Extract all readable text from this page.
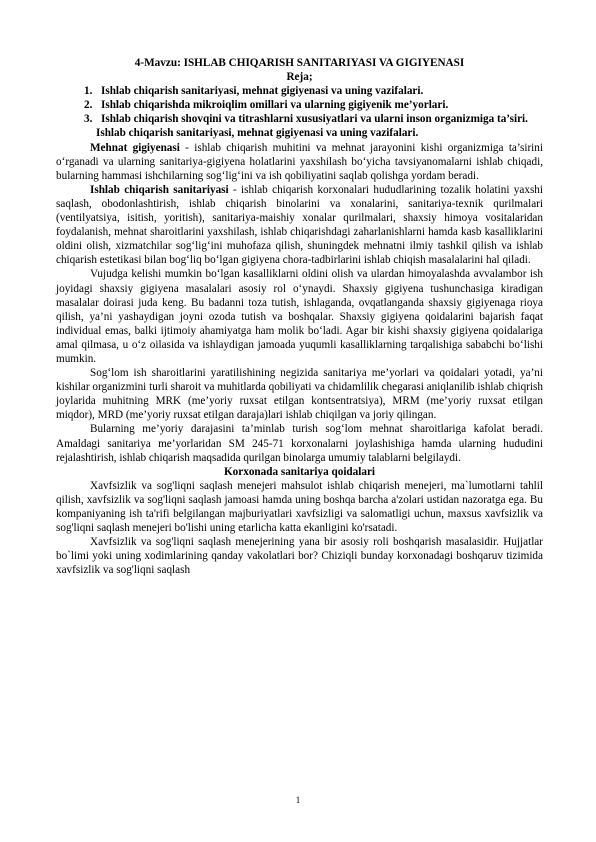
4-Mavzu: ISHLAB CHIQARISH SANITARIYASI VA GIGIYENASI
Reja;
1. Ishlab chiqarish sanitariyasi, mehnat gigiyenasi va uning vazifalari.
2. Ishlab chiqarishda mikroiqlim omillari va ularning gigiyenik me’yorlari.
3. Ishlab chiqarish shovqini va titrashlarni xususiyatlari va ularni inson organizmiga ta’siri.
Ishlab chiqarish sanitariyasi, mehnat gigiyenasi va uning vazifalari.

Mehnat gigiyenasi - ishlab chiqarish muhitini va mehnat jarayonini kishi organizmiga ta’sirini o‘rganadi va ularning sanitariya-gigiyena holatlarini yaxshilash bo‘yicha tavsiyanomalarni ishlab chiqadi, bularning hammasi ishchilarning sog‘lig‘ini va ish qobiliyatini saqlab qolishga yordam beradi.

Ishlab chiqarish sanitariyasi - ishlab chiqarish korxonalari hududlarining tozalik holatini yaxshi saqlash, obodonlashtirish, ishlab chiqarish binolarini va xonalarini, sanitariya-texnik qurilmalari (ventilyatsiya, isitish, yoritish), sanitariya-maishiy xonalar qurilmalari, shaxsiy himoya vositalaridan foydalanish, mehnat sharoitlarini yaxshilash, ishlab chiqarishdagi zaharlanishlarni hamda kasb kasalliklarini oldini olish, xizmatchilar sog‘lig‘ini muhofaza qilish, shuningdek mehnatni ilmiy tashkil qilish va ishlab chiqarish estetikasi bilan bog‘liq bo‘lgan gigiyena chora-tadbirlarini ishlab chiqish masalalarini hal qiladi.

Vujudga kelishi mumkin bo‘lgan kasalliklarni oldini olish va ulardan himoyalashda avvalambor ish joyidagi shaxsiy gigiyena masalalari asosiy rol o‘ynaydi. Shaxsiy gigiyena tushunchasiga kiradigan masalalar doirasi juda keng. Bu badanni toza tutish, ishlaganda, ovqatlanganda shaxsiy gigiyenaga rioya qilish, ya’ni yashaydigan joyni ozoda tutish va boshqalar. Shaxsiy gigiyena qoidalarini bajarish faqat individual emas, balki ijtimoiy ahamiyatga ham molik bo‘ladi. Agar bir kishi shaxsiy gigiyena qoidalariga amal qilmasa, u o‘z oilasida va ishlaydigan jamoada yuqumli kasalliklarning tarqalishiga sababchi bo‘lishi mumkin.

Sog‘lom ish sharoitlarini yaratilishining negizida sanitariya me’yorlari va qoidalari yotadi, ya’ni kishilar organizmini turli sharoit va muhitlarda qobiliyati va chidamlilik chegarasi aniqlanilib ishlab chiqrish joylarida muhitning MRK (me’yoriy ruxsat etilgan kontsentratsiya), MRM (me’yoriy ruxsat etilgan miqdor), MRD (me’yoriy ruxsat etilgan daraja)lari ishlab chiqilgan va joriy qilingan.

Bularning me’yoriy darajasini ta’minlab turish sog‘lom mehnat sharoitlariga kafolat beradi. Amaldagi sanitariya me’yorlaridan SM 245-71 korxonalarni joylashishiga hamda ularning hududini rejalashtirish, ishlab chiqarish maqsadida qurilgan binolarga umumiy talablarni belgilaydi.

Korxonada sanitariya qoidalari

Xavfsizlik va sog'liqni saqlash menejeri mahsulot ishlab chiqarish menejeri, ma`lumotlarni tahlil qilish, xavfsizlik va sog'liqni saqlash jamoasi hamda uning boshqa barcha a'zolari ustidan nazoratga ega. Bu kompaniyaning ish ta'rifi belgilangan majburiyatlari xavfsizligi va salomatligi uchun, maxsus xavfsizlik va sog'liqni saqlash menejeri bo'lishi uning etarlicha katta ekanligini ko'rsatadi.

Xavfsizlik va sog'liqni saqlash menejerining yana bir asosiy roli boshqarish masalasidir. Hujjatlar bo`limi yoki uning xodimlarining qanday vakolatlari bor? Chiziqli bunday korxonadagi boshqaruv tizimida xavfsizlik va sog'liqni saqlash

1
